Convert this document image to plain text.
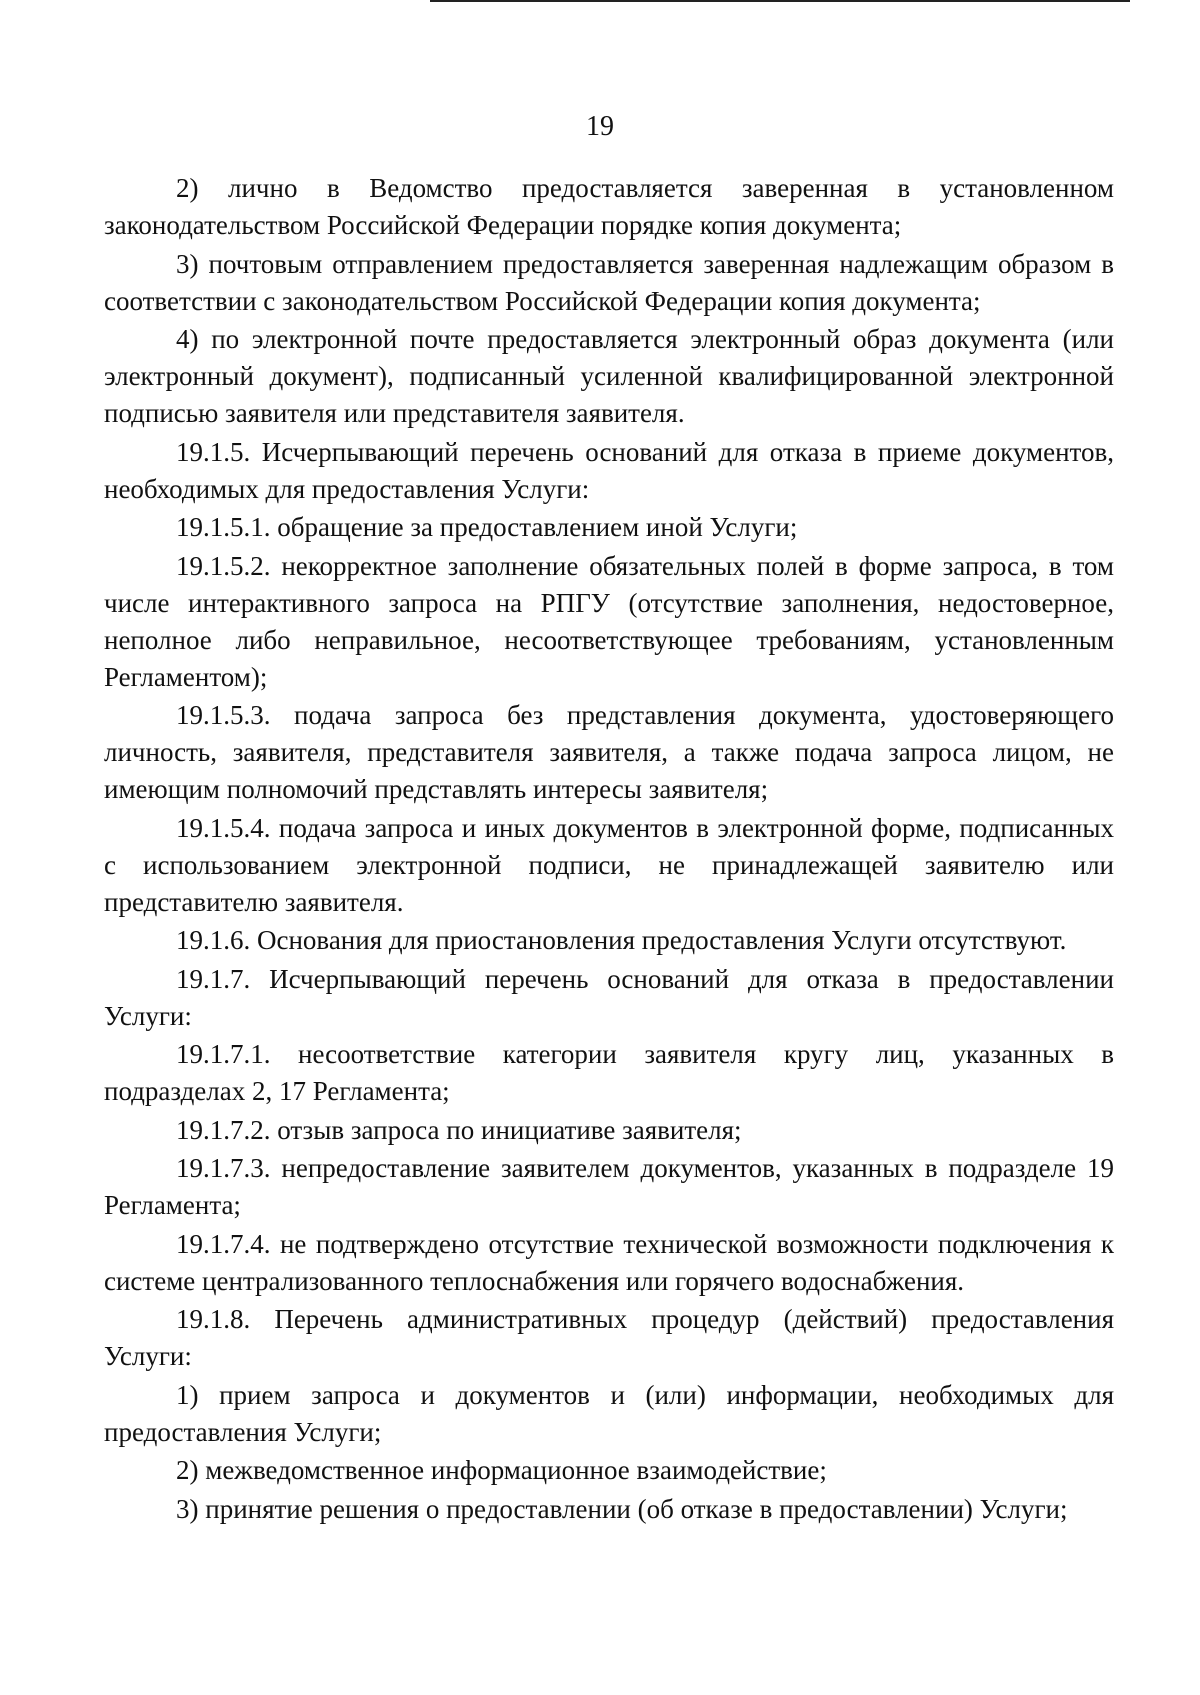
19

2) лично в Ведомство предоставляется заверенная в установленном законодательством Российской Федерации порядке копия документа;

3) почтовым отправлением предоставляется заверенная надлежащим образом в соответствии с законодательством Российской Федерации копия документа;

4) по электронной почте предоставляется электронный образ документа (или электронный документ), подписанный усиленной квалифицированной электронной подписью заявителя или представителя заявителя.

19.1.5. Исчерпывающий перечень оснований для отказа в приеме документов, необходимых для предоставления Услуги:

19.1.5.1. обращение за предоставлением иной Услуги;

19.1.5.2. некорректное заполнение обязательных полей в форме запроса, в том числе интерактивного запроса на РПГУ (отсутствие заполнения, недостоверное, неполное либо неправильное, несоответствующее требованиям, установленным Регламентом);

19.1.5.3. подача запроса без представления документа, удостоверяющего личность, заявителя, представителя заявителя, а также подача запроса лицом, не имеющим полномочий представлять интересы заявителя;

19.1.5.4. подача запроса и иных документов в электронной форме, подписанных с использованием электронной подписи, не принадлежащей заявителю или представителю заявителя.

19.1.6. Основания для приостановления предоставления Услуги отсутствуют.

19.1.7. Исчерпывающий перечень оснований для отказа в предоставлении Услуги:

19.1.7.1. несоответствие категории заявителя кругу лиц, указанных в подразделах 2, 17 Регламента;

19.1.7.2. отзыв запроса по инициативе заявителя;

19.1.7.3. непредоставление заявителем документов, указанных в подразделе 19 Регламента;

19.1.7.4. не подтверждено отсутствие технической возможности подключения к системе централизованного теплоснабжения или горячего водоснабжения.

19.1.8. Перечень административных процедур (действий) предоставления Услуги:

1) прием запроса и документов и (или) информации, необходимых для предоставления Услуги;

2) межведомственное информационное взаимодействие;

3) принятие решения о предоставлении (об отказе в предоставлении) Услуги;
